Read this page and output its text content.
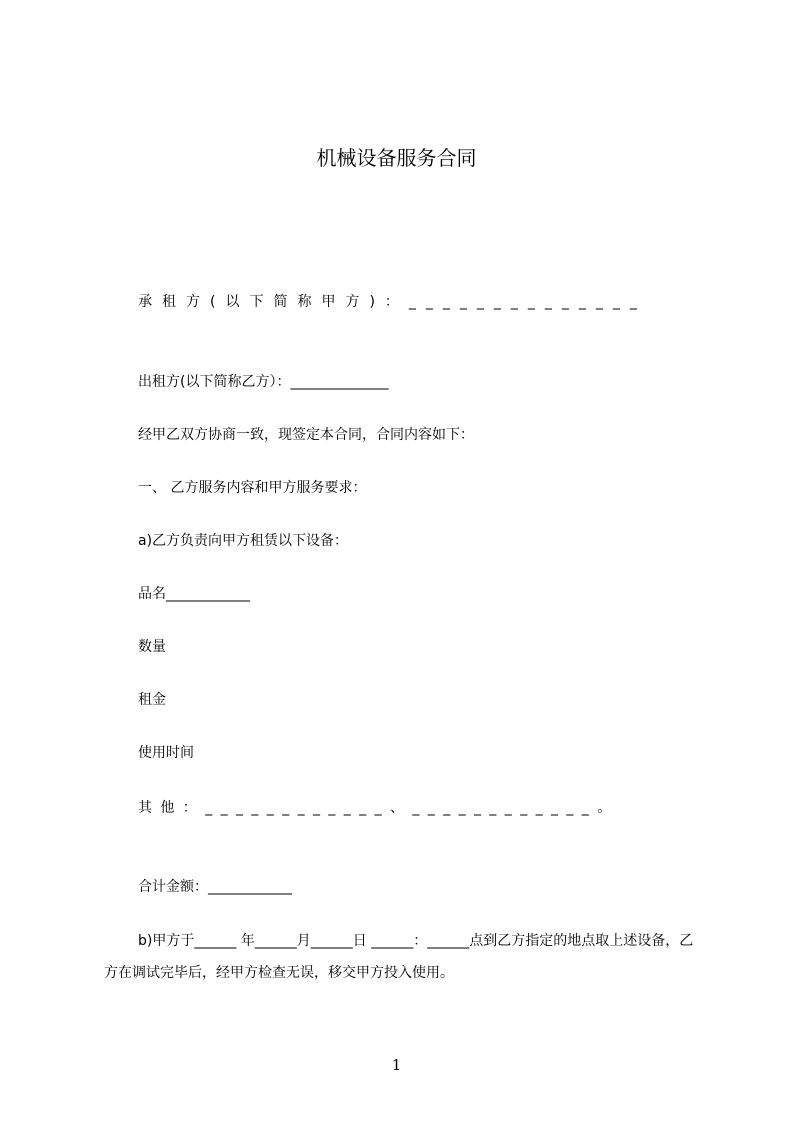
机械设备服务合同
承租方(以下简称甲方)：______________
出租方(以下简称乙方）：______________
经甲乙双方协商一致，现签定本合同，合同内容如下：
一、 乙方服务内容和甲方服务要求：
a)乙方负责向甲方租赁以下设备：
品名____________
数量
租金
使用时间
其他：____________、____________。
合计金额：____________
b)甲方于______ 年______月______日 ______：______点到乙方指定的地点取上述设备，乙方在调试完毕后，经甲方检查无误，移交甲方投入使用。
1
